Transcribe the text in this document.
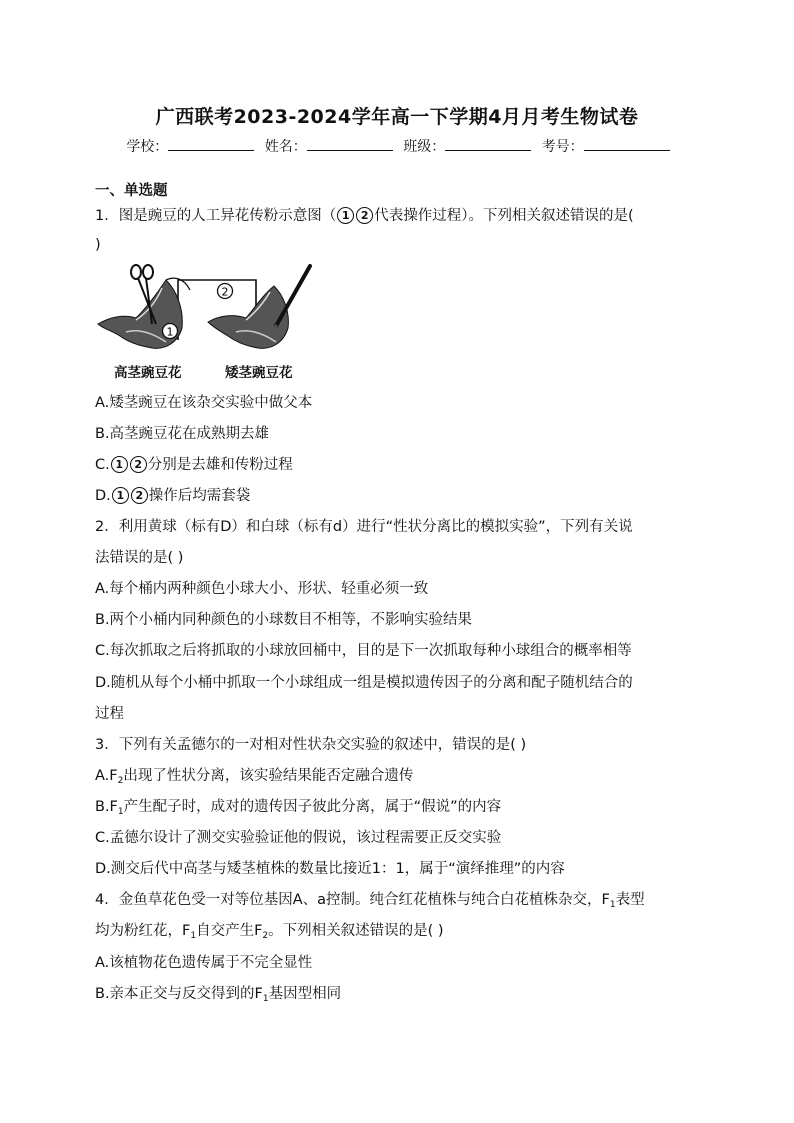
广西联考2023-2024学年高一下学期4月月考生物试卷
学校：	姓名：	班级：	考号：
一、单选题
1．图是豌豆的人工异花传粉示意图（ 1 2 代表操作过程）。下列相关叙述错误的是(
)
1
2
高茎豌豆花	矮茎豌豆花
A.矮茎豌豆在该杂交实验中做父本
B.高茎豌豆花在成熟期去雄
C. 1 2 分别是去雄和传粉过程
D. 1 2 操作后均需套袋
2．利用黄球（标有D）和白球（标有d）进行“性状分离比的模拟实验”，下列有关说
法错误的是( )
A.每个桶内两种颜色小球大小、形状、轻重必须一致
B.两个小桶内同种颜色的小球数目不相等，不影响实验结果
C.每次抓取之后将抓取的小球放回桶中，目的是下一次抓取每种小球组合的概率相等
D.随机从每个小桶中抓取一个小球组成一组是模拟遗传因子的分离和配子随机结合的
过程
3．下列有关孟德尔的一对相对性状杂交实验的叙述中，错误的是( )
$A.F_2$出现了性状分离，该实验结果能否定融合遗传
$B.F_1$产生配子时，成对的遗传因子彼此分离，属于“假说”的内容
C.孟德尔设计了测交实验验证他的假说，该过程需要正反交实验
D.测交后代中高茎与矮茎植株的数量比接近1：1，属于“演绎推理”的内容
4．金鱼草花色受一对等位基因A、a控制。纯合红花植株与纯合白花植株杂交，$F_1$表型
均为粉红花，$F_1$自交产生$F_2$。下列相关叙述错误的是( )
A.该植物花色遗传属于不完全显性
B.亲本正交与反交得到的$F_1$基因型相同
